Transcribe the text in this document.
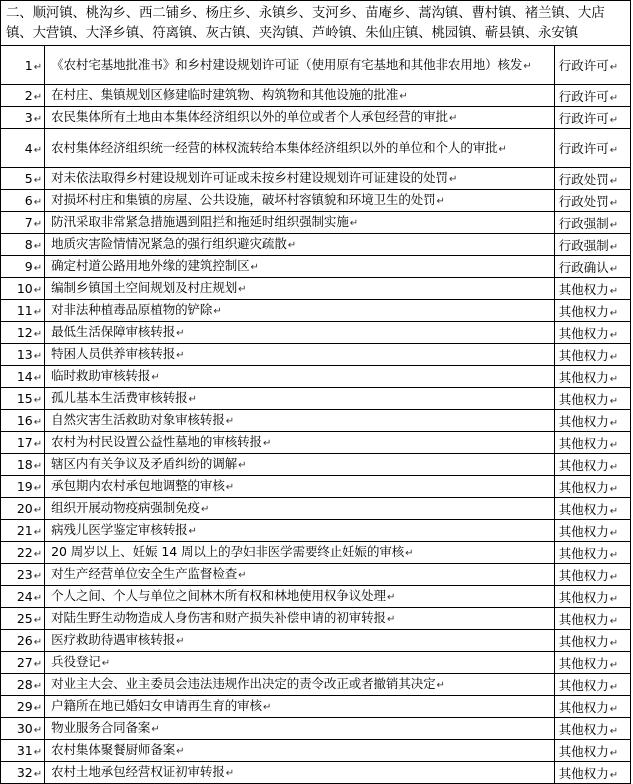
二、顺河镇、桃沟乡、西二铺乡、杨庄乡、永镇乡、支河乡、苗庵乡、蒿沟镇、曹村镇、褚兰镇、大店镇、大营镇、大泽乡镇、符离镇、灰古镇、夹沟镇、芦岭镇、朱仙庄镇、桃园镇、蕲县镇、永安镇
1↵	《农村宅基地批准书》和乡村建设规划许可证（使用原有宅基地和其他非农用地）核发↵	行政许可↵
2↵	在村庄、集镇规划区修建临时建筑物、构筑物和其他设施的批准↵	行政许可↵
3↵	农民集体所有土地由本集体经济组织以外的单位或者个人承包经营的审批↵	行政许可↵
4↵	农村集体经济组织统一经营的林权流转给本集体经济组织以外的单位和个人的审批↵	行政许可↵
5↵	对未依法取得乡村建设规划许可证或未按乡村建设规划许可证建设的处罚↵	行政处罚↵
6↵	对损坏村庄和集镇的房屋、公共设施，破坏村容镇貌和环境卫生的处罚↵	行政处罚↵
7↵	防汛采取非常紧急措施遇到阻拦和拖延时组织强制实施↵	行政强制↵
8↵	地质灾害险情情况紧急的强行组织避灾疏散↵	行政强制↵
9↵	确定村道公路用地外缘的建筑控制区↵	行政确认↵
10↵	编制乡镇国土空间规划及村庄规划↵	其他权力↵
11↵	对非法种植毒品原植物的铲除↵	其他权力↵
12↵	最低生活保障审核转报↵	其他权力↵
13↵	特困人员供养审核转报↵	其他权力↵
14↵	临时救助审核转报↵	其他权力↵
15↵	孤儿基本生活费审核转报↵	其他权力↵
16↵	自然灾害生活救助对象审核转报↵	其他权力↵
17↵	农村为村民设置公益性墓地的审核转报↵	其他权力↵
18↵	辖区内有关争议及矛盾纠纷的调解↵	其他权力↵
19↵	承包期内农村承包地调整的审核↵	其他权力↵
20↵	组织开展动物疫病强制免疫↵	其他权力↵
21↵	病残儿医学鉴定审核转报↵	其他权力↵
22↵	20 周岁以上、妊娠 14 周以上的孕妇非医学需要终止妊娠的审核↵	其他权力↵
23↵	对生产经营单位安全生产监督检查↵	其他权力↵
24↵	个人之间、个人与单位之间林木所有权和林地使用权争议处理↵	其他权力↵
25↵	对陆生野生动物造成人身伤害和财产损失补偿申请的初审转报↵	其他权力↵
26↵	医疗救助待遇审核转报↵	其他权力↵
27↵	兵役登记↵	其他权力↵
28↵	对业主大会、业主委员会违法违规作出决定的责令改正或者撤销其决定↵	其他权力↵
29↵	户籍所在地已婚妇女申请再生育的审核↵	其他权力↵
30↵	物业服务合同备案↵	其他权力↵
31↵	农村集体聚餐厨师备案↵	其他权力↵
32↵	农村土地承包经营权证初审转报↵	其他权力↵
